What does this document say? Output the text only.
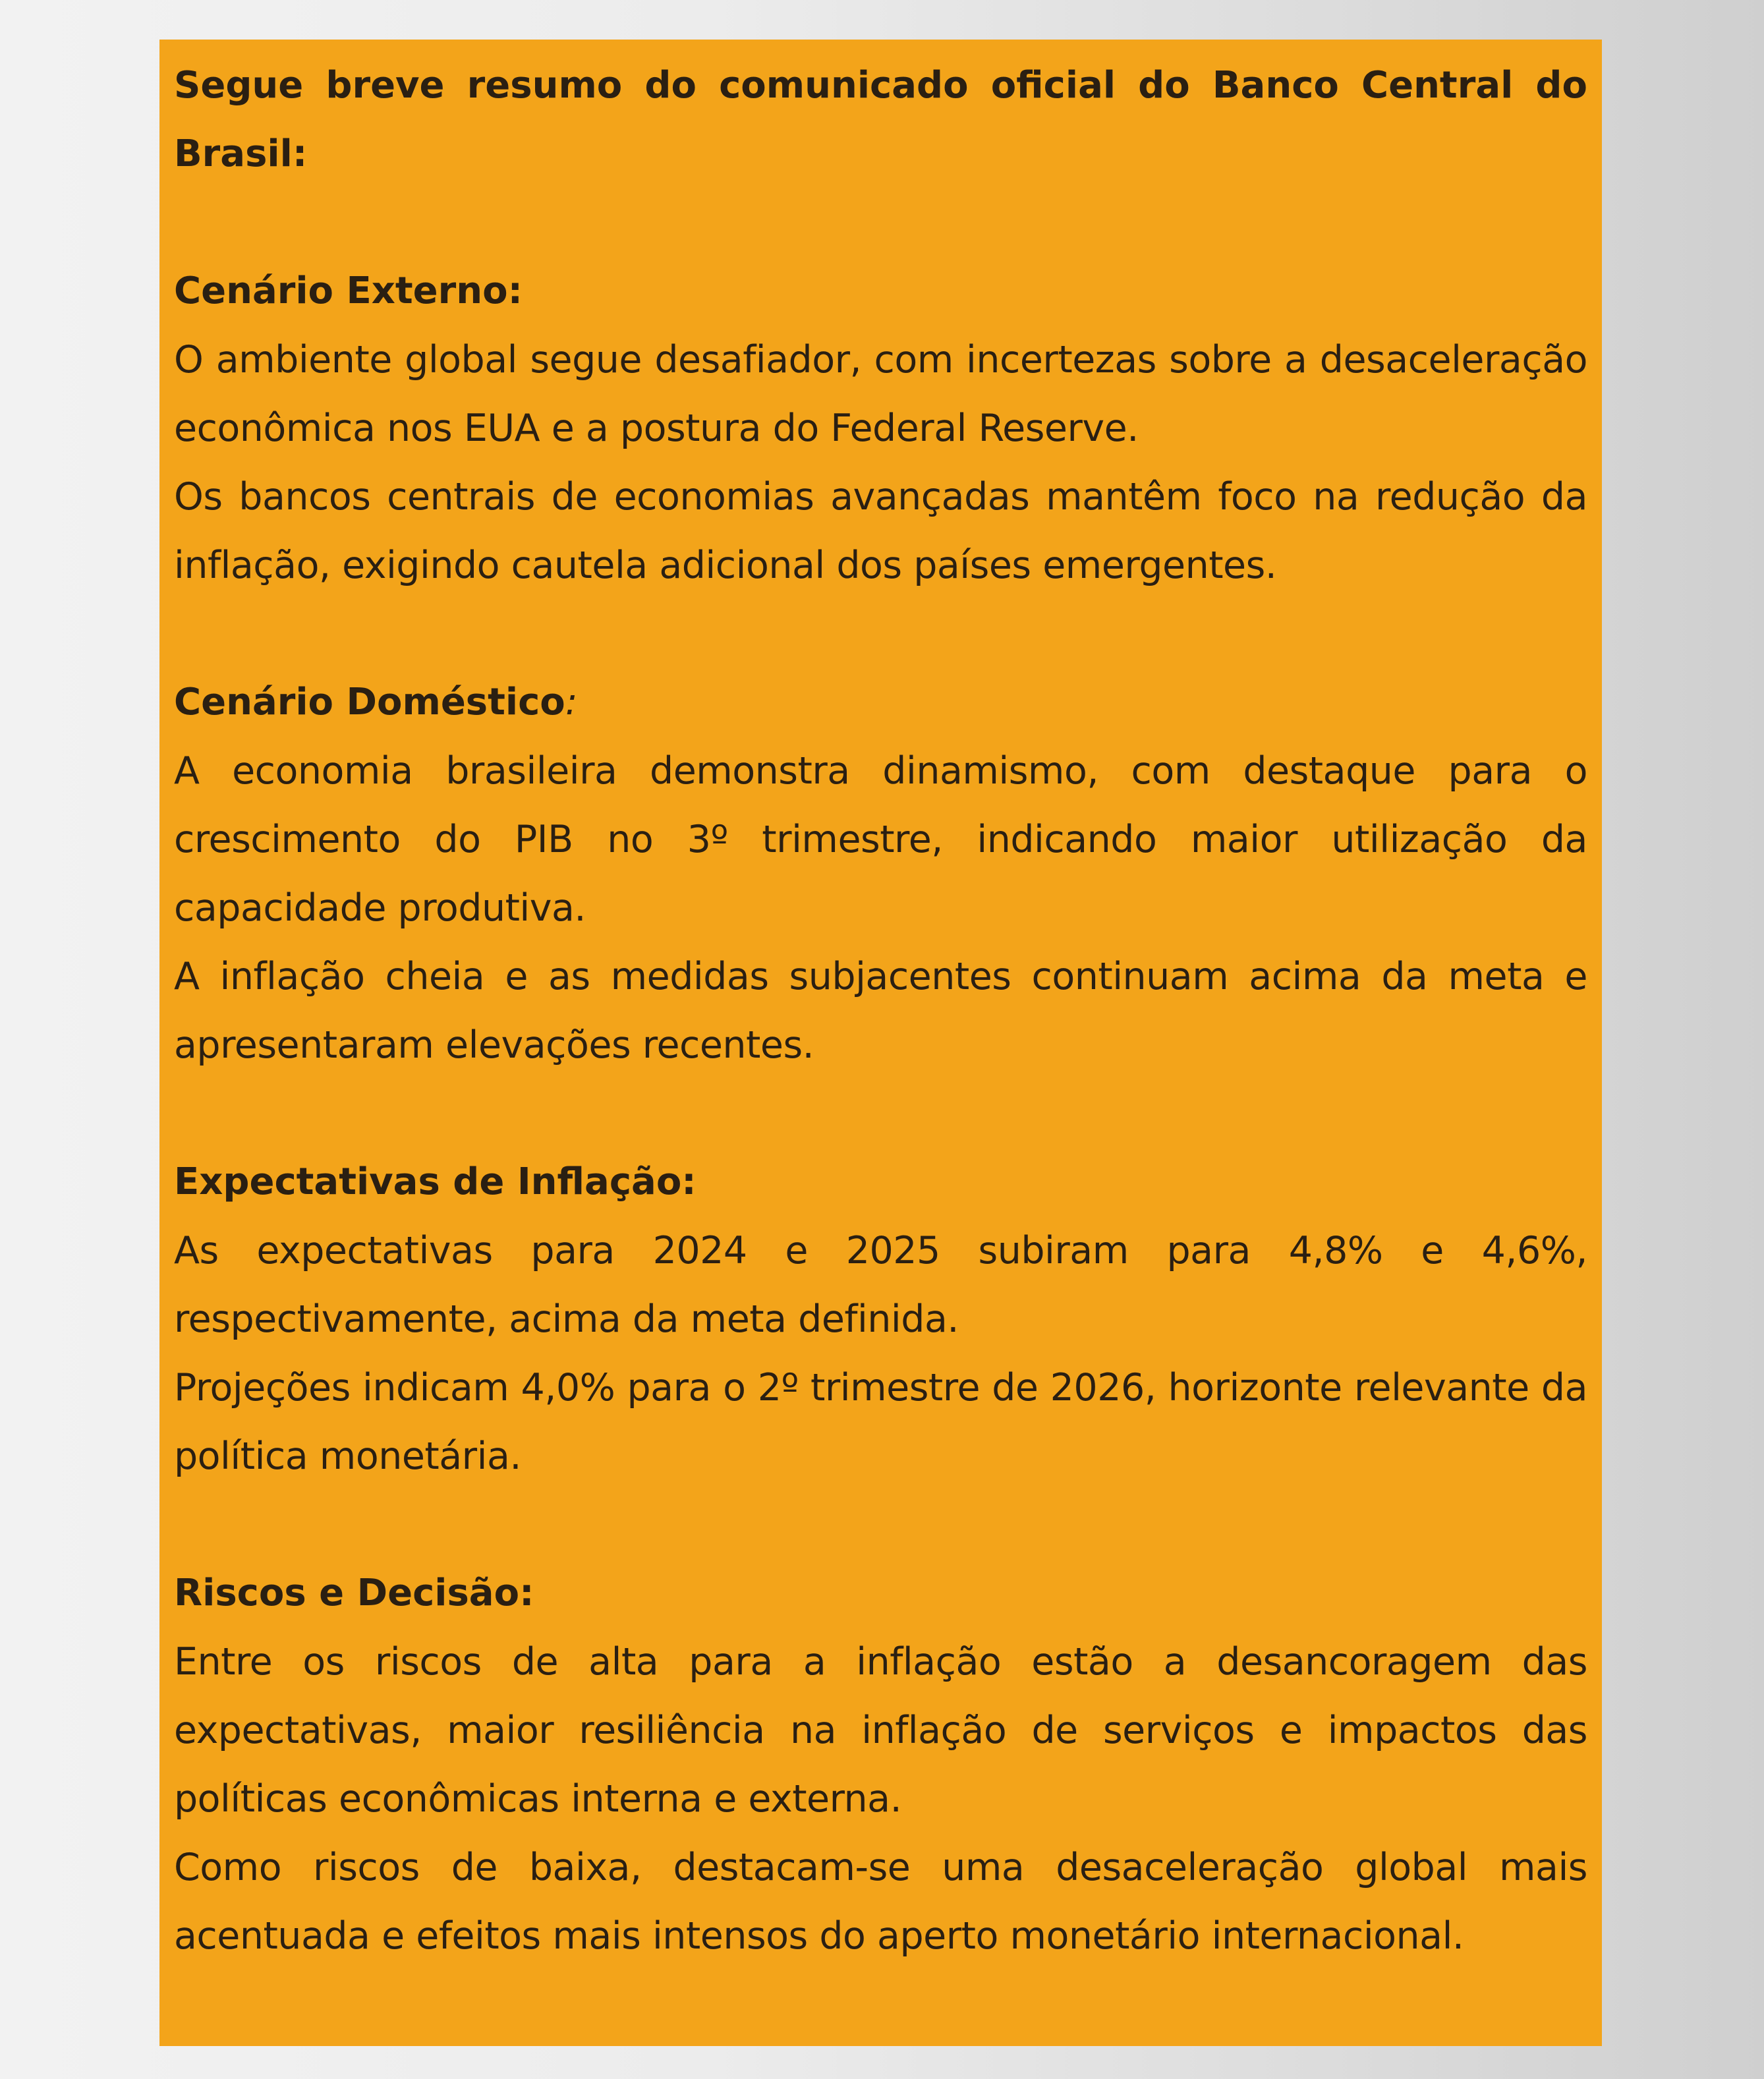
Segue breve resumo do comunicado oficial do Banco Central do Brasil:

Cenário Externo:

O ambiente global segue desafiador, com incertezas sobre a desaceleração econômica nos EUA e a postura do Federal Reserve.

Os bancos centrais de economias avançadas mantêm foco na redução da inflação, exigindo cautela adicional dos países emergentes.

Cenário Doméstico:

A economia brasileira demonstra dinamismo, com destaque para o crescimento do PIB no 3º trimestre, indicando maior utilização da capacidade produtiva.

A inflação cheia e as medidas subjacentes continuam acima da meta e apresentaram elevações recentes.

Expectativas de Inflação:

As expectativas para 2024 e 2025 subiram para 4,8% e 4,6%, respectivamente, acima da meta definida.

Projeções indicam 4,0% para o 2º trimestre de 2026, horizonte relevante da política monetária.

Riscos e Decisão:

Entre os riscos de alta para a inflação estão a desancoragem das expectativas, maior resiliência na inflação de serviços e impactos das políticas econômicas interna e externa.

Como riscos de baixa, destacam-se uma desaceleração global mais acentuada e efeitos mais intensos do aperto monetário internacional.
